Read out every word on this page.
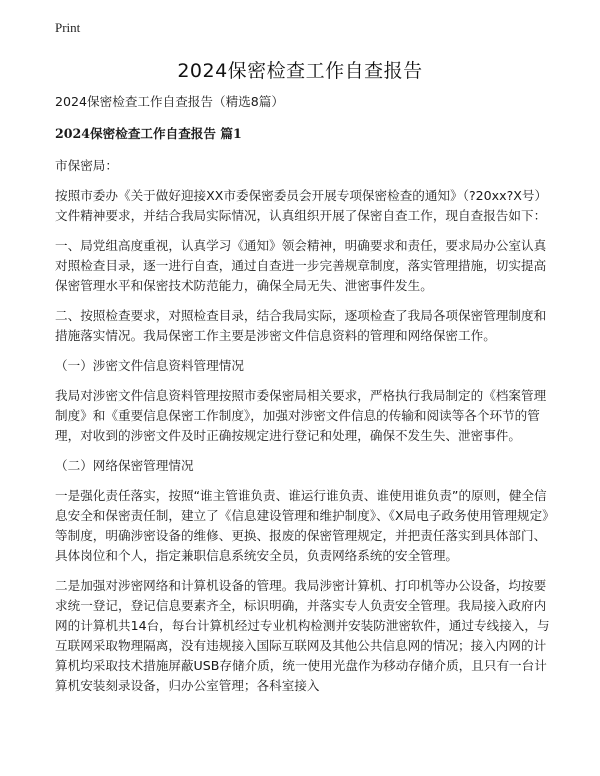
Print
2024保密检查工作自查报告

2024保密检查工作自查报告（精选8篇）

2024保密检查工作自查报告 篇1

市保密局：

按照市委办《关于做好迎接XX市委保密委员会开展专项保密检查的通知》（?20xx?X号）文件精神要求，并结合我局实际情况，认真组织开展了保密自查工作，现自查报告如下：

一、局党组高度重视，认真学习《通知》领会精神，明确要求和责任，要求局办公室认真对照检查目录，逐一进行自查，通过自查进一步完善规章制度，落实管理措施，切实提高保密管理水平和保密技术防范能力，确保全局无失、泄密事件发生。

二、按照检查要求，对照检查目录，结合我局实际，逐项检查了我局各项保密管理制度和措施落实情况。我局保密工作主要是涉密文件信息资料的管理和网络保密工作。

（一）涉密文件信息资料管理情况

我局对涉密文件信息资料管理按照市委保密局相关要求，严格执行我局制定的《档案管理制度》和《重要信息保密工作制度》，加强对涉密文件信息的传输和阅读等各个环节的管理，对收到的涉密文件及时正确按规定进行登记和处理，确保不发生失、泄密事件。

（二）网络保密管理情况

一是强化责任落实，按照“谁主管谁负责、谁运行谁负责、谁使用谁负责”的原则，健全信息安全和保密责任制，建立了《信息建设管理和维护制度》、《X局电子政务使用管理规定》等制度，明确涉密设备的维修、更换、报废的保密管理规定，并把责任落实到具体部门、具体岗位和个人，指定兼职信息系统安全员，负责网络系统的安全管理。

二是加强对涉密网络和计算机设备的管理。我局涉密计算机、打印机等办公设备，均按要求统一登记，登记信息要素齐全，标识明确，并落实专人负责安全管理。我局接入政府内网的计算机共14台，每台计算机经过专业机构检测并安装防泄密软件，通过专线接入，与互联网采取物理隔离，没有违规接入国际互联网及其他公共信息网的情况；接入内网的计算机均采取技术措施屏蔽USB存储介质，统一使用光盘作为移动存储介质，且只有一台计算机安装刻录设备，归办公室管理；各科室接入
